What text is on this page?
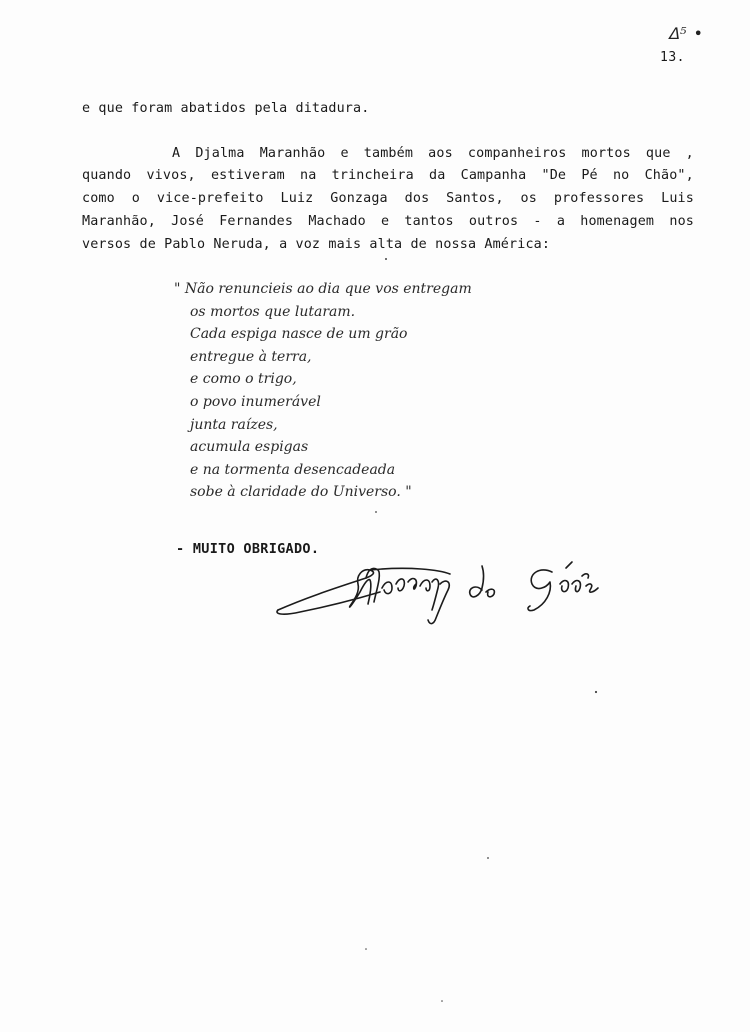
ᐃ⁵ •
13.
e que foram abatidos pela ditadura.
A Djalma Maranhão e também aos companheiros mortos que ,
quando vivos, estiveram na trincheira da Campanha "De Pé no Chão",
como o vice-prefeito Luiz Gonzaga dos Santos, os professores Luis
Maranhão, José Fernandes Machado e tantos outros - a homenagem nos
versos de Pablo Neruda, a voz mais alta de nossa América:
" Não renuncieis ao dia que vos entregam
os mortos que lutaram.
Cada espiga nasce de um grão
entregue à terra,
e como o trigo,
o povo inumerável
junta raízes,
acumula espigas
e na tormenta desencadeada
sobe à claridade do Universo. "
- MUITO OBRIGADO.
